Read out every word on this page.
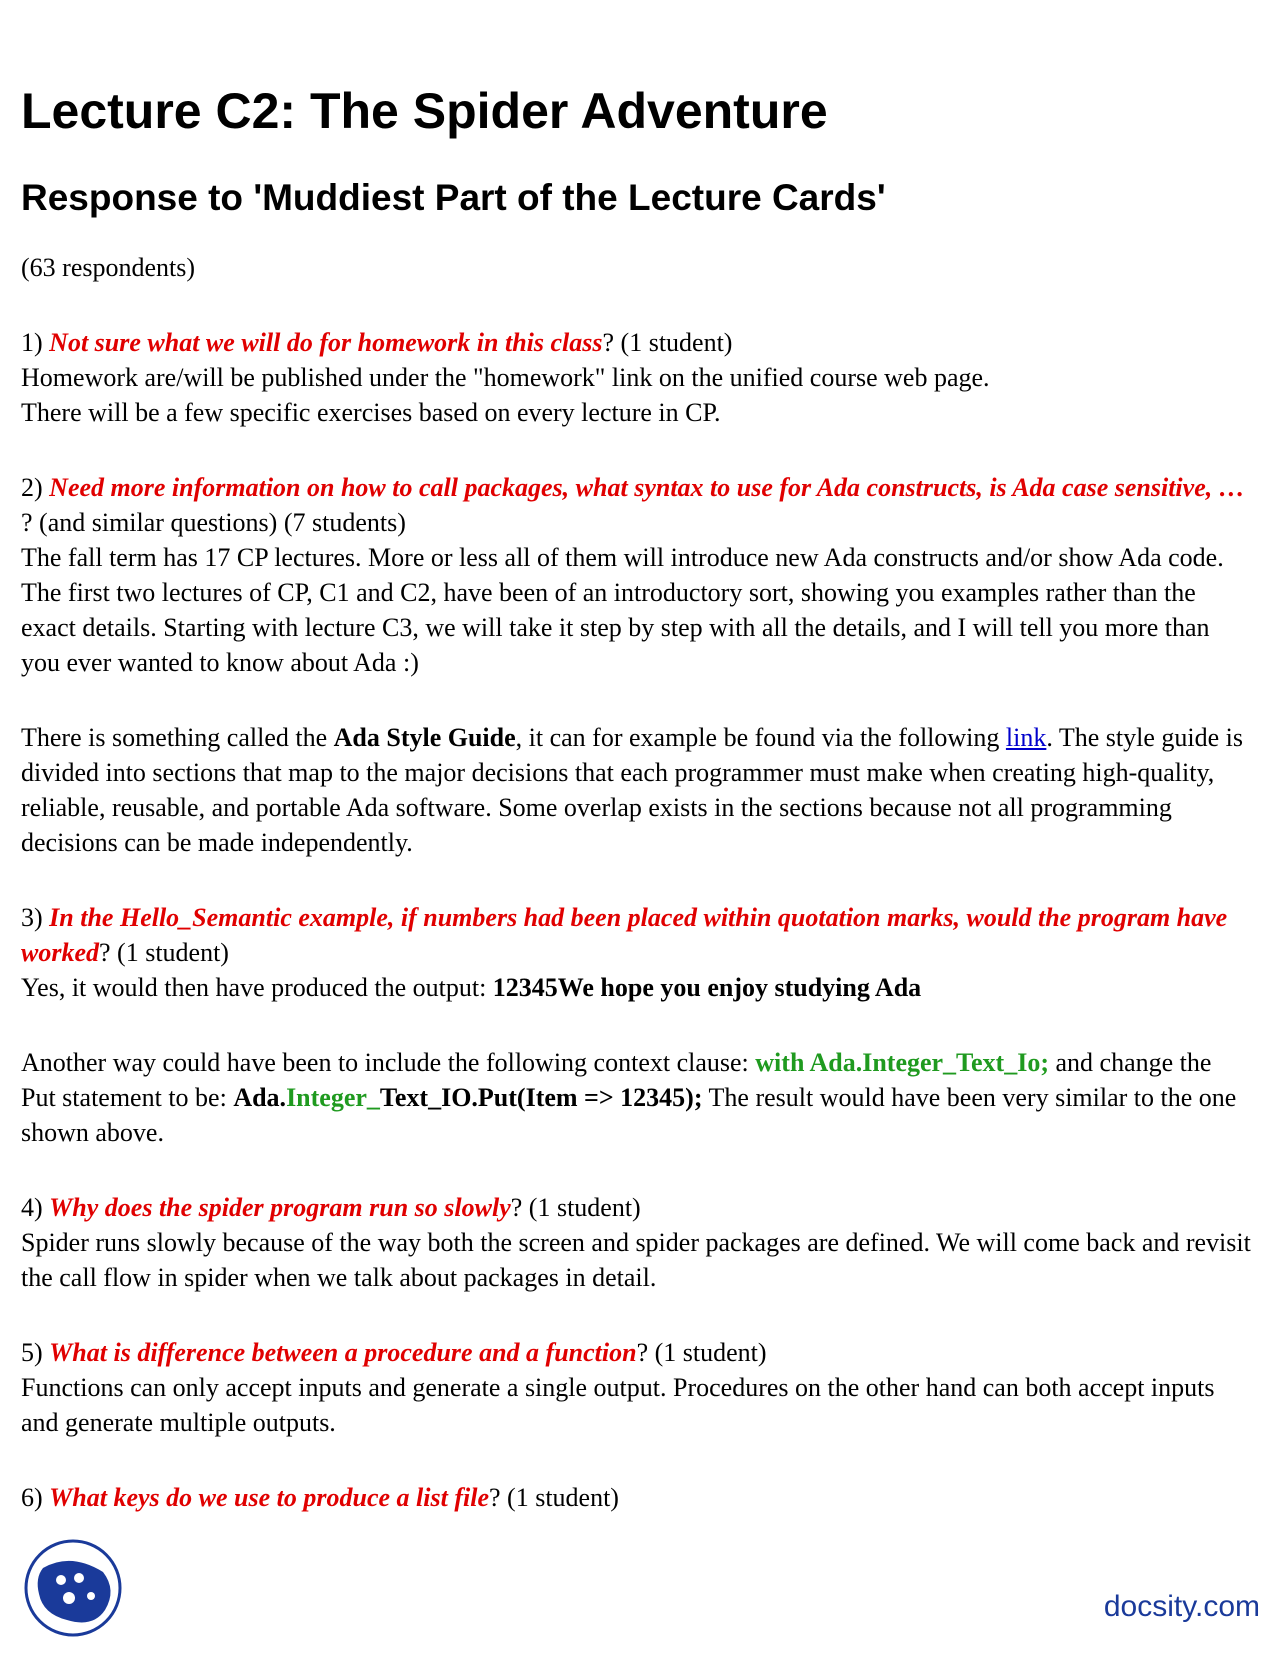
Lecture C2: The Spider Adventure
Response to 'Muddiest Part of the Lecture Cards'

(63 respondents)

1) Not sure what we will do for homework in this class? (1 student)
Homework are/will be published under the "homework" link on the unified course web page.
There will be a few specific exercises based on every lecture in CP.

2) Need more information on how to call packages, what syntax to use for Ada constructs, is Ada case sensitive, … ? (and similar questions) (7 students)
The fall term has 17 CP lectures. More or less all of them will introduce new Ada constructs and/or show Ada code. The first two lectures of CP, C1 and C2, have been of an introductory sort, showing you examples rather than the exact details. Starting with lecture C3, we will take it step by step with all the details, and I will tell you more than you ever wanted to know about Ada :)

There is something called the Ada Style Guide, it can for example be found via the following link. The style guide is divided into sections that map to the major decisions that each programmer must make when creating high-quality, reliable, reusable, and portable Ada software. Some overlap exists in the sections because not all programming decisions can be made independently.

3) In the Hello_Semantic example, if numbers had been placed within quotation marks, would the program have worked? (1 student)
Yes, it would then have produced the output: 12345We hope you enjoy studying Ada

Another way could have been to include the following context clause: with Ada.Integer_Text_Io; and change the Put statement to be: Ada.Integer_Text_IO.Put(Item => 12345); The result would have been very similar to the one shown above.

4) Why does the spider program run so slowly? (1 student)
Spider runs slowly because of the way both the screen and spider packages are defined. We will come back and revisit the call flow in spider when we talk about packages in detail.

5) What is difference between a procedure and a function? (1 student)
Functions can only accept inputs and generate a single output. Procedures on the other hand can both accept inputs and generate multiple outputs.

6) What keys do we use to produce a list file? (1 student)

docsity.com
